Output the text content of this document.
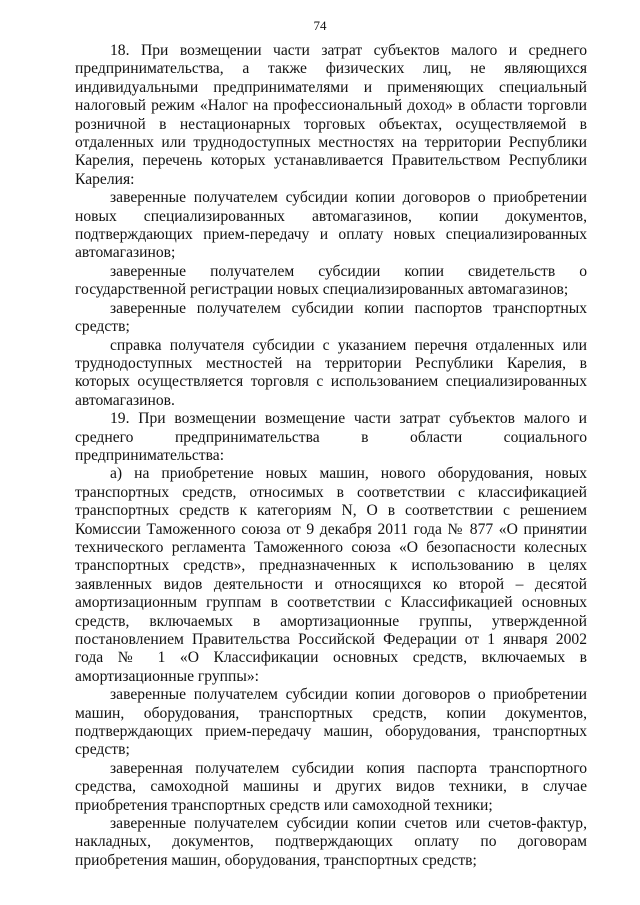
74

18. При возмещении части затрат субъектов малого и среднего предпринимательства, а также физических лиц, не являющихся индивидуальными предпринимателями и применяющих специальный налоговый режим «Налог на профессиональный доход» в области торговли розничной в нестационарных торговых объектах, осуществляемой в отдаленных или труднодоступных местностях на территории Республики Карелия, перечень которых устанавливается Правительством Республики Карелия:

заверенные получателем субсидии копии договоров о приобретении новых специализированных автомагазинов, копии документов, подтверждающих прием-передачу и оплату новых специализированных автомагазинов;

заверенные получателем субсидии копии свидетельств о государственной регистрации новых специализированных автомагазинов;

заверенные получателем субсидии копии паспортов транспортных средств;

справка получателя субсидии с указанием перечня отдаленных или труднодоступных местностей на территории Республики Карелия, в которых осуществляется торговля с использованием специализированных автомагазинов.

19. При возмещении возмещение части затрат субъектов малого и среднего предпринимательства в области социального предпринимательства:

а) на приобретение новых машин, нового оборудования, новых транспортных средств, относимых в соответствии с классификацией транспортных средств к категориям N, O в соответствии с решением Комиссии Таможенного союза от 9 декабря 2011 года № 877 «О принятии технического регламента Таможенного союза «О безопасности колесных транспортных средств», предназначенных к использованию в целях заявленных видов деятельности и относящихся ко второй – десятой амортизационным группам в соответствии с Классификацией основных средств, включаемых в амортизационные группы, утвержденной постановлением Правительства Российской Федерации от 1 января 2002 года № 1 «О Классификации основных средств, включаемых в амортизационные группы»:

заверенные получателем субсидии копии договоров о приобретении машин, оборудования, транспортных средств, копии документов, подтверждающих прием-передачу машин, оборудования, транспортных средств;

заверенная получателем субсидии копия паспорта транспортного средства, самоходной машины и других видов техники, в случае приобретения транспортных средств или самоходной техники;

заверенные получателем субсидии копии счетов или счетов-фактур, накладных, документов, подтверждающих оплату по договорам приобретения машин, оборудования, транспортных средств;
